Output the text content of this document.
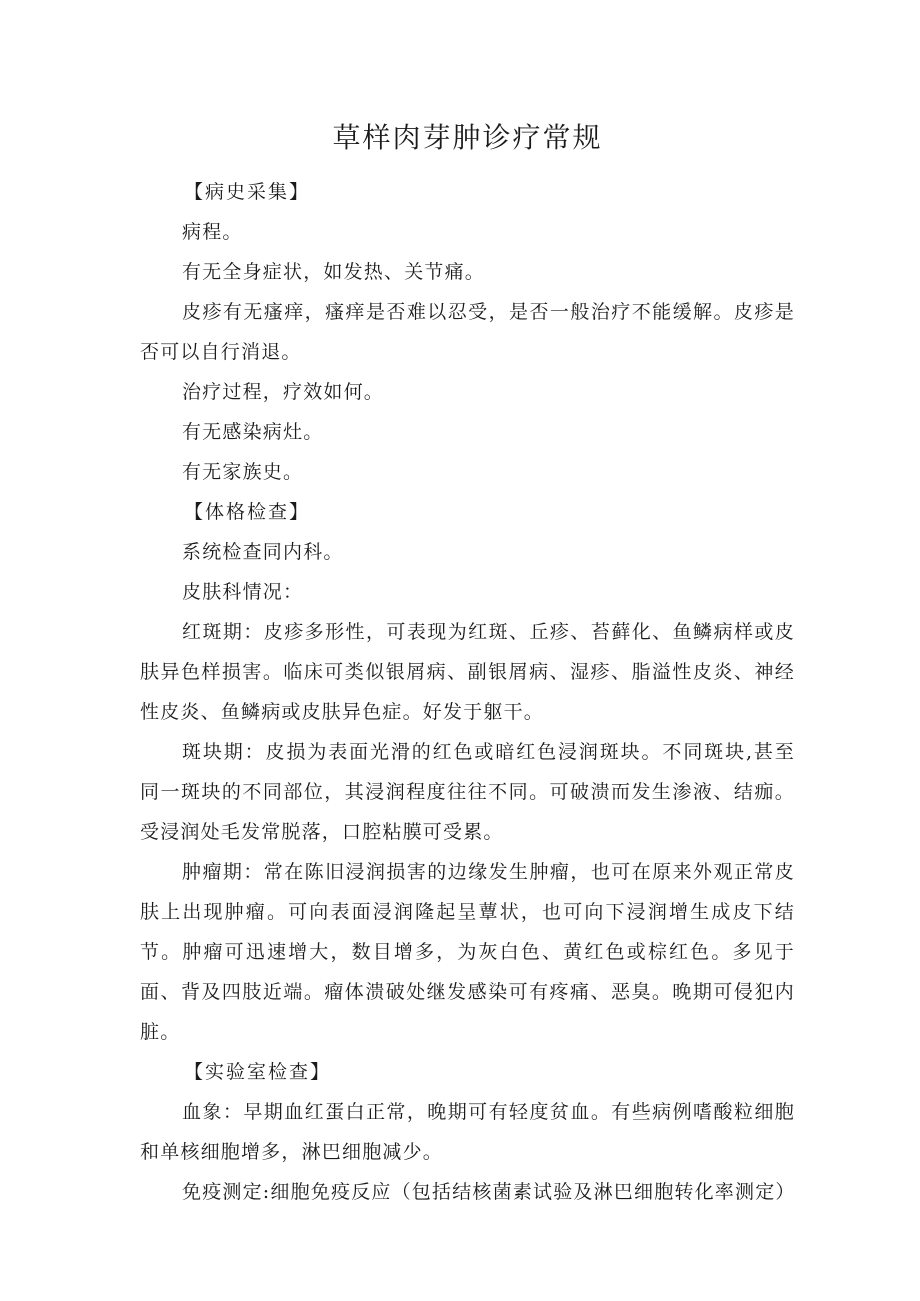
草样肉芽肿诊疗常规

【病史采集】

病程。

有无全身症状，如发热、关节痛。

皮疹有无瘙痒，瘙痒是否难以忍受，是否一般治疗不能缓解。皮疹是否可以自行消退。

治疗过程，疗效如何。

有无感染病灶。

有无家族史。

【体格检查】

系统检查同内科。

皮肤科情况：

红斑期：皮疹多形性，可表现为红斑、丘疹、苔藓化、鱼鳞病样或皮肤异色样损害。临床可类似银屑病、副银屑病、湿疹、脂溢性皮炎、神经性皮炎、鱼鳞病或皮肤异色症。好发于躯干。

斑块期：皮损为表面光滑的红色或暗红色浸润斑块。不同斑块,甚至同一斑块的不同部位，其浸润程度往往不同。可破溃而发生渗液、结痂。受浸润处毛发常脱落，口腔粘膜可受累。

肿瘤期：常在陈旧浸润损害的边缘发生肿瘤，也可在原来外观正常皮肤上出现肿瘤。可向表面浸润隆起呈蕈状，也可向下浸润增生成皮下结节。肿瘤可迅速增大，数目增多，为灰白色、黄红色或棕红色。多见于面、背及四肢近端。瘤体溃破处继发感染可有疼痛、恶臭。晚期可侵犯内脏。

【实验室检查】

血象：早期血红蛋白正常，晚期可有轻度贫血。有些病例嗜酸粒细胞和单核细胞增多，淋巴细胞减少。

免疫测定:细胞免疫反应（包括结核菌素试验及淋巴细胞转化率测定）
